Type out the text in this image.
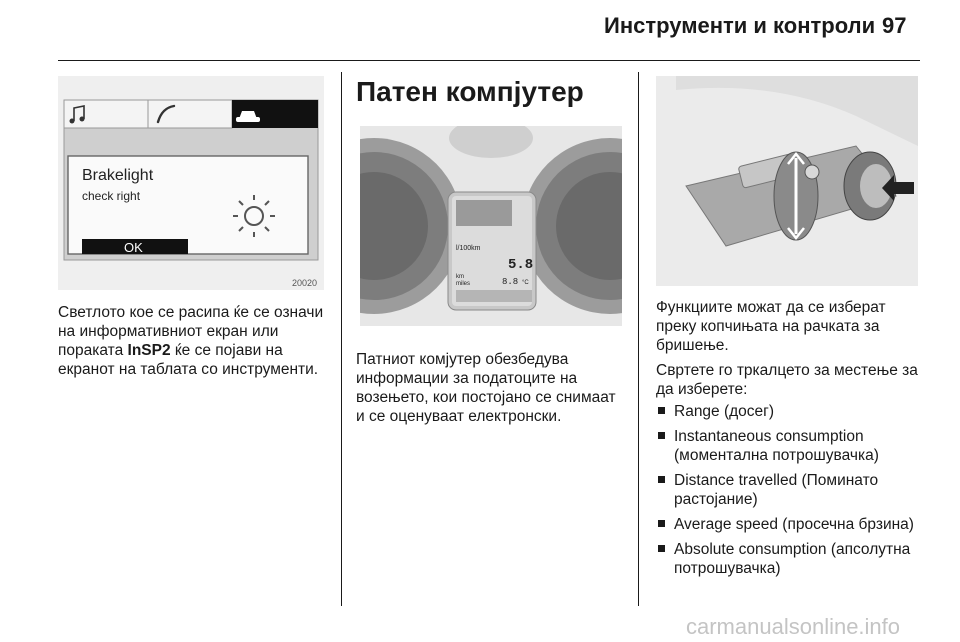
Инструменти и контроли 97
Brakelight
check right
OK
20020

Светлото кое се расипа ќе се означи на информативниот екран или пораката InSP2 ќе се појави на екранот на таблата со инструменти.

Патен компјутер
l/100km
5.8
km
miles	8.8 °C

Патниот комјутер обезбедува информации за податоците на возењето, кои постојано се снимаат и се оценуваат електронски.

Функциите можат да се изберат преку копчињата на рачката за бришење.

Свртете го тркалцето за местење за да изберете:

Range (досег)
Instantaneous consumption (моментална потрошувачка)
Distance travelled (Поминато растојание)
Average speed (просечна брзина)
Absolute consumption (апсолутна потрошувачка)
carmanualsonline.info
